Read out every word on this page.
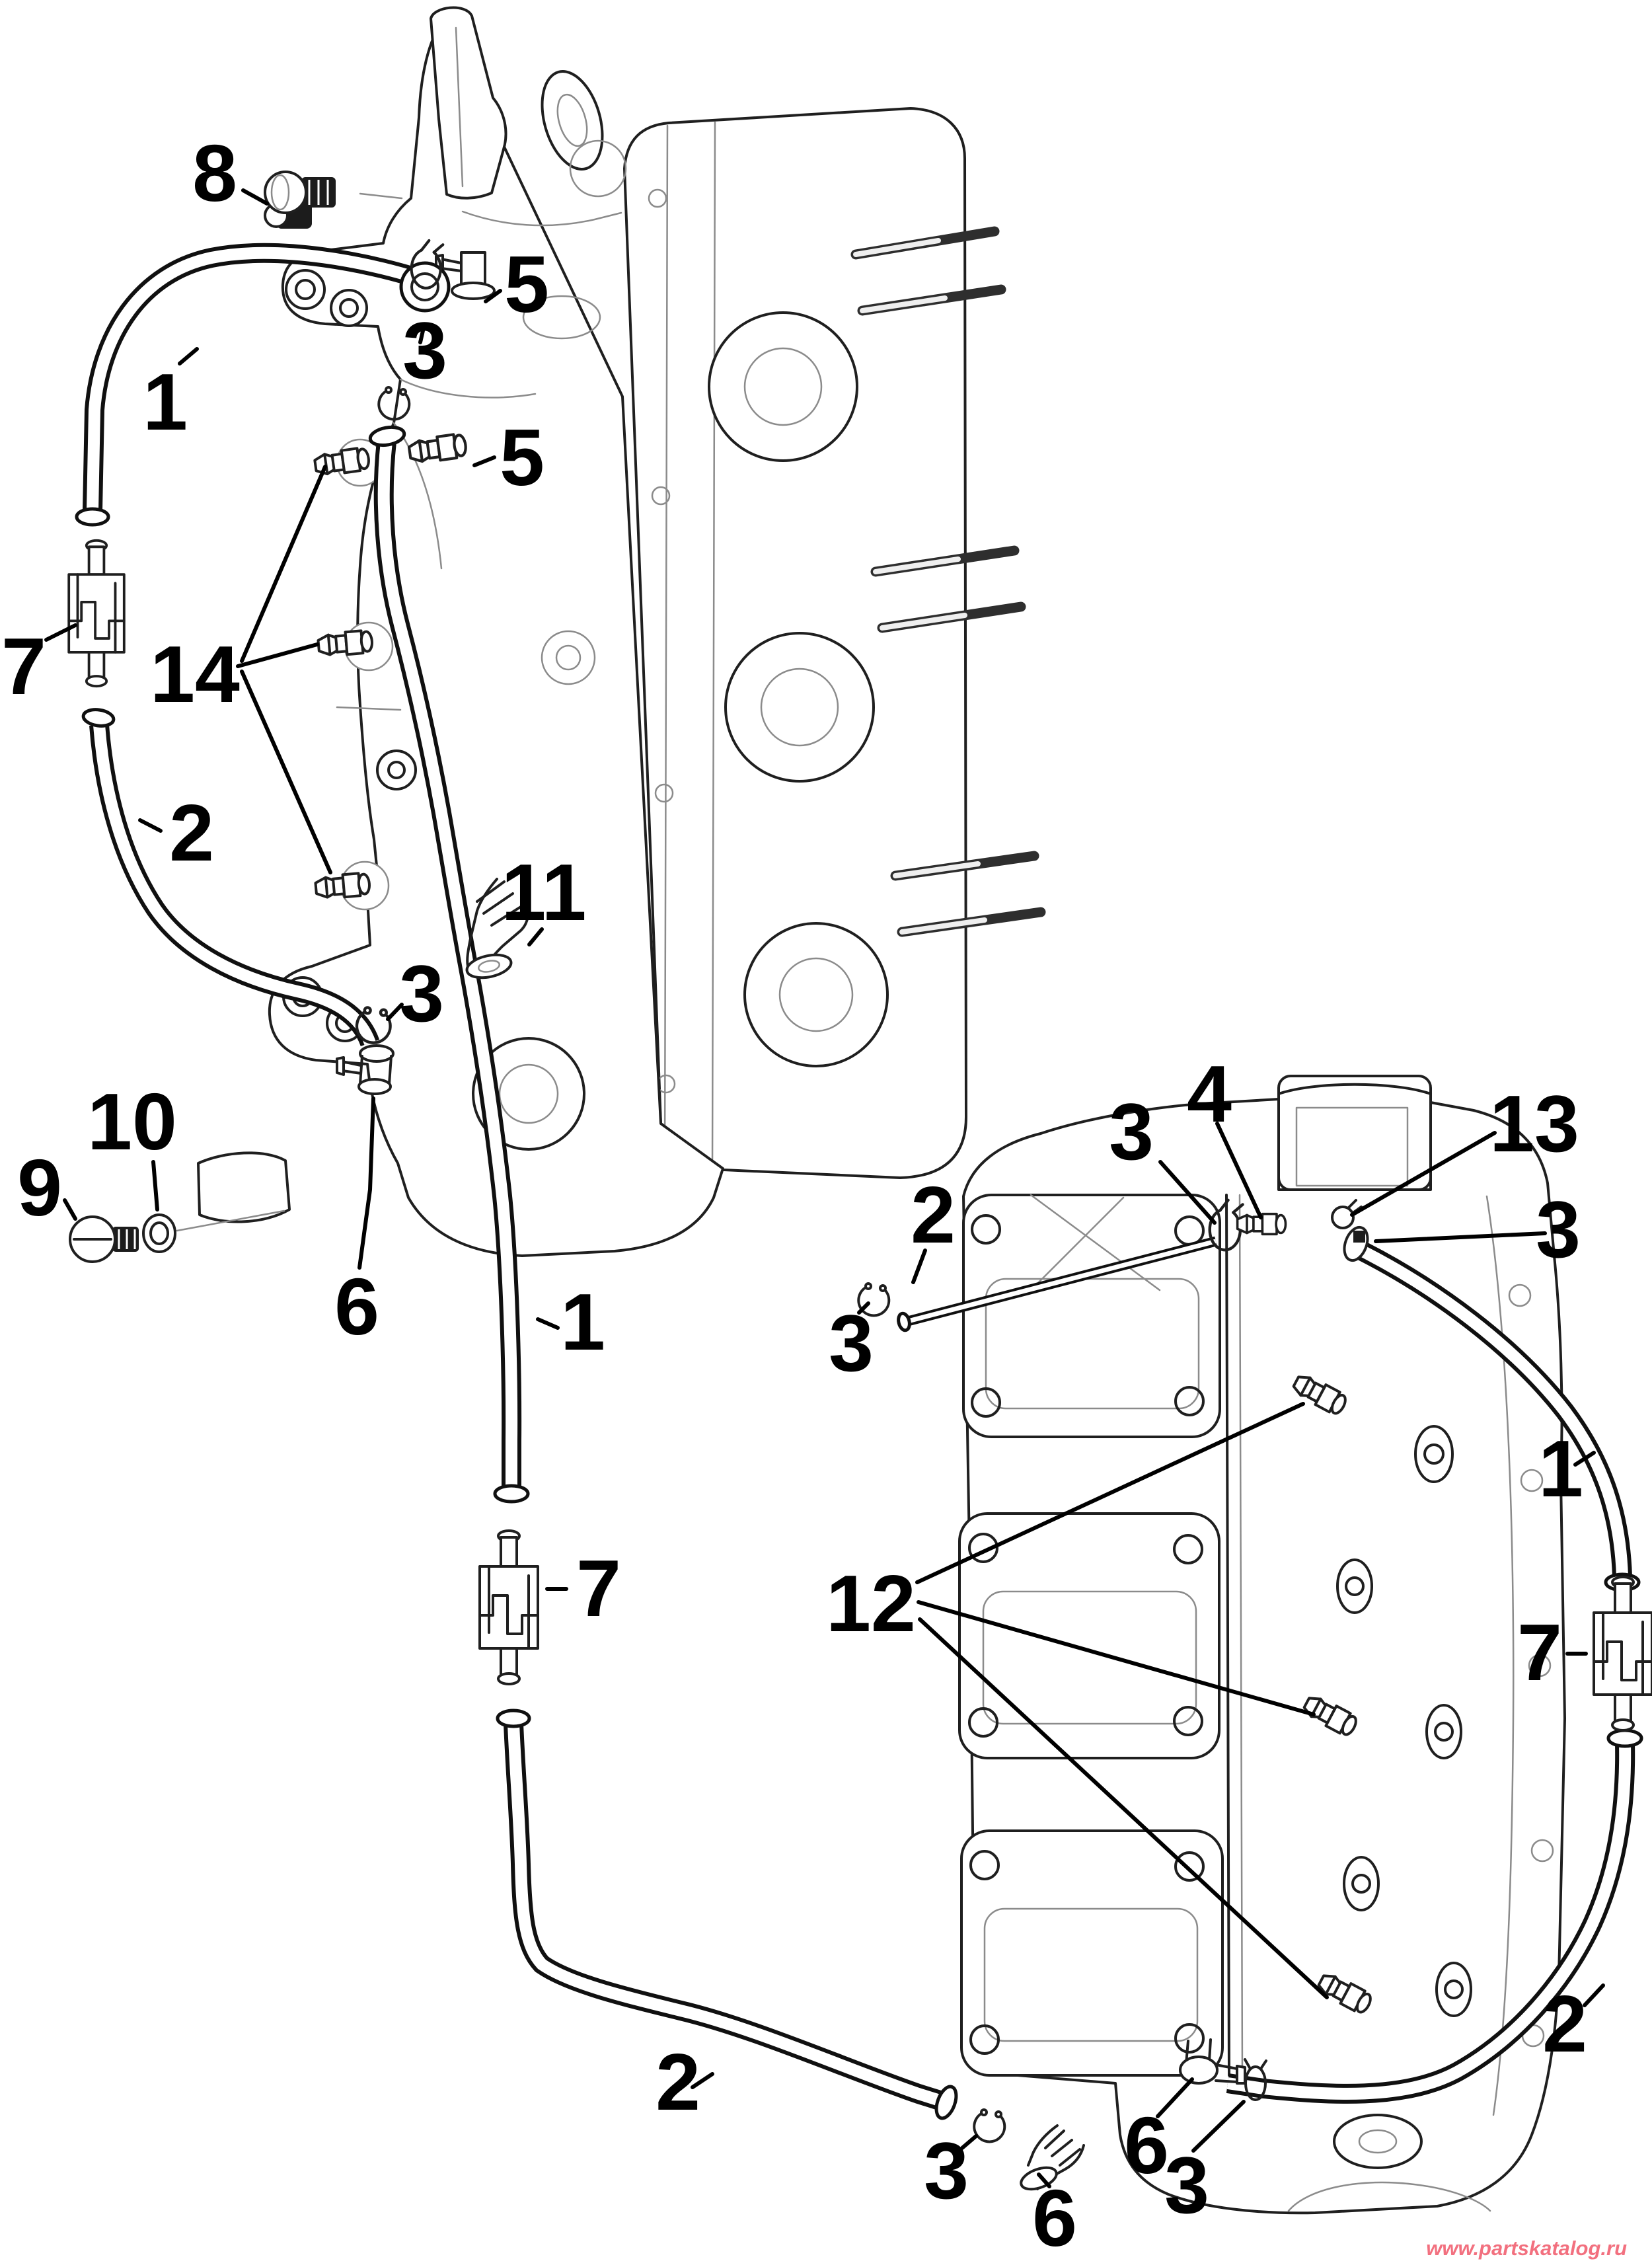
8
5
3
5
1
7 14
2
11
3
10
9
6 1
7	12
2
3
3 4	13
3
1
7
2
2
3
6
6
3
www.partskatalog.ru
